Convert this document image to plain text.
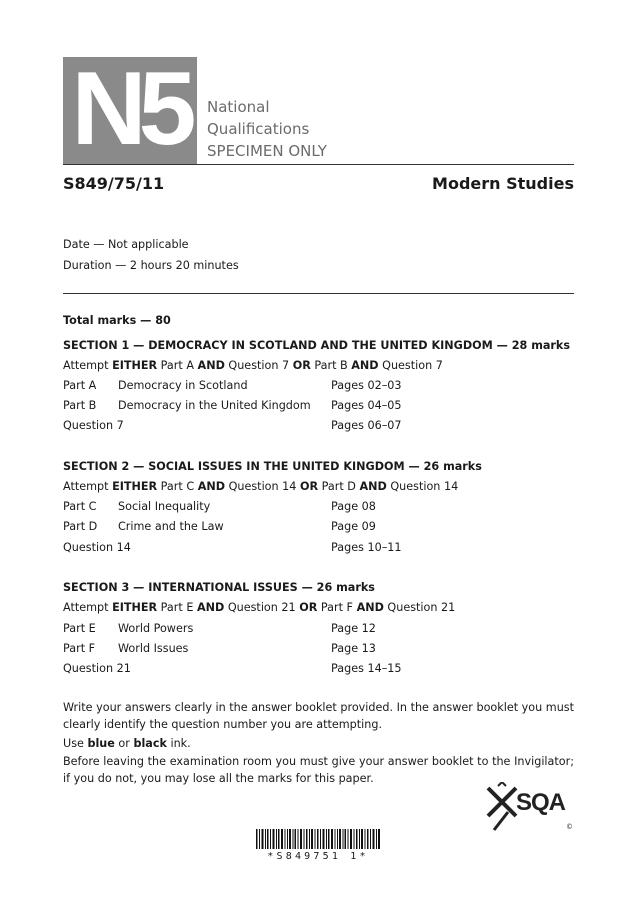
N5	National
Qualifications
SPECIMEN ONLY
S849/75/11	Modern Studies
Date — Not applicable
Duration — 2 hours 20 minutes
Total marks — 80
SECTION 1 — DEMOCRACY IN SCOTLAND AND THE UNITED KINGDOM — 28 marks
Attempt EITHER Part A AND Question 7 OR Part B AND Question 7
Part A Democracy in Scotland	Pages 02–03
Part B Democracy in the United Kingdom Pages 04–05
Question 7	Pages 06–07
SECTION 2 — SOCIAL ISSUES IN THE UNITED KINGDOM — 26 marks
Attempt EITHER Part C AND Question 14 OR Part D AND Question 14
Part C Social Inequality	Page 08
Part D Crime and the Law	Page 09
Question 14	Pages 10–11
SECTION 3 — INTERNATIONAL ISSUES — 26 marks
Attempt EITHER Part E AND Question 21 OR Part F AND Question 21
Part E World Powers	Page 12
Part F World Issues	Page 13
Question 21	Pages 14–15
Write your answers clearly in the answer booklet provided. In the answer booklet you must clearly identify the question number you are attempting.
Use blue or black ink.
Before leaving the examination room you must give your answer booklet to the Invigilator; if you do not, you may lose all the marks for this paper.
SQA
©
*S849751 1*
